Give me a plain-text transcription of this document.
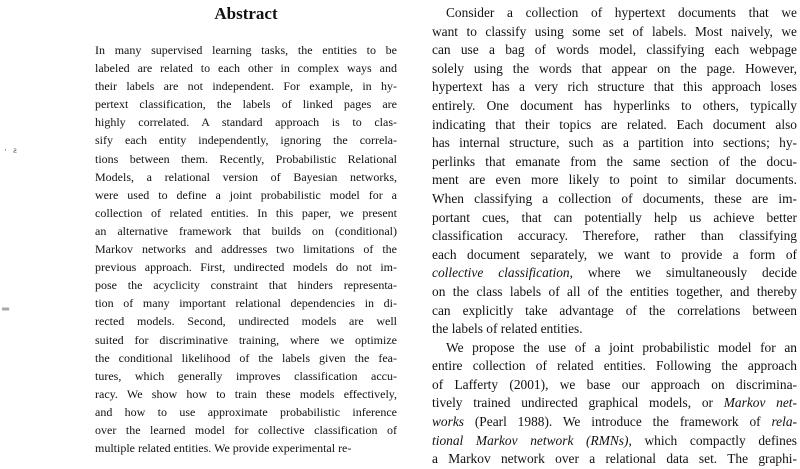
· ƨ
═
Abstract
In many supervised learning tasks, the entities to be
labeled are related to each other in complex ways and
their labels are not independent. For example, in hy-
pertext classification, the labels of linked pages are
highly correlated. A standard approach is to clas-
sify each entity independently, ignoring the correla-
tions between them. Recently, Probabilistic Relational
Models, a relational version of Bayesian networks,
were used to define a joint probabilistic model for a
collection of related entities. In this paper, we present
an alternative framework that builds on (conditional)
Markov networks and addresses two limitations of the
previous approach. First, undirected models do not im-
pose the acyclicity constraint that hinders representa-
tion of many important relational dependencies in di-
rected models. Second, undirected models are well
suited for discriminative training, where we optimize
the conditional likelihood of the labels given the fea-
tures, which generally improves classification accu-
racy. We show how to train these models effectively,
and how to use approximate probabilistic inference
over the learned model for collective classification of
multiple related entities. We provide experimental re-
Consider a collection of hypertext documents that we
want to classify using some set of labels. Most naively, we
can use a bag of words model, classifying each webpage
solely using the words that appear on the page. However,
hypertext has a very rich structure that this approach loses
entirely. One document has hyperlinks to others, typically
indicating that their topics are related. Each document also
has internal structure, such as a partition into sections; hy-
perlinks that emanate from the same section of the docu-
ment are even more likely to point to similar documents.
When classifying a collection of documents, these are im-
portant cues, that can potentially help us achieve better
classification accuracy. Therefore, rather than classifying
each document separately, we want to provide a form of
collective classification, where we simultaneously decide
on the class labels of all of the entities together, and thereby
can explicitly take advantage of the correlations between
the labels of related entities.
We propose the use of a joint probabilistic model for an
entire collection of related entities. Following the approach
of Lafferty (2001), we base our approach on discrimina-
tively trained undirected graphical models, or Markov net-
works (Pearl 1988). We introduce the framework of rela-
tional Markov network (RMNs), which compactly defines
a Markov network over a relational data set. The graphi-
